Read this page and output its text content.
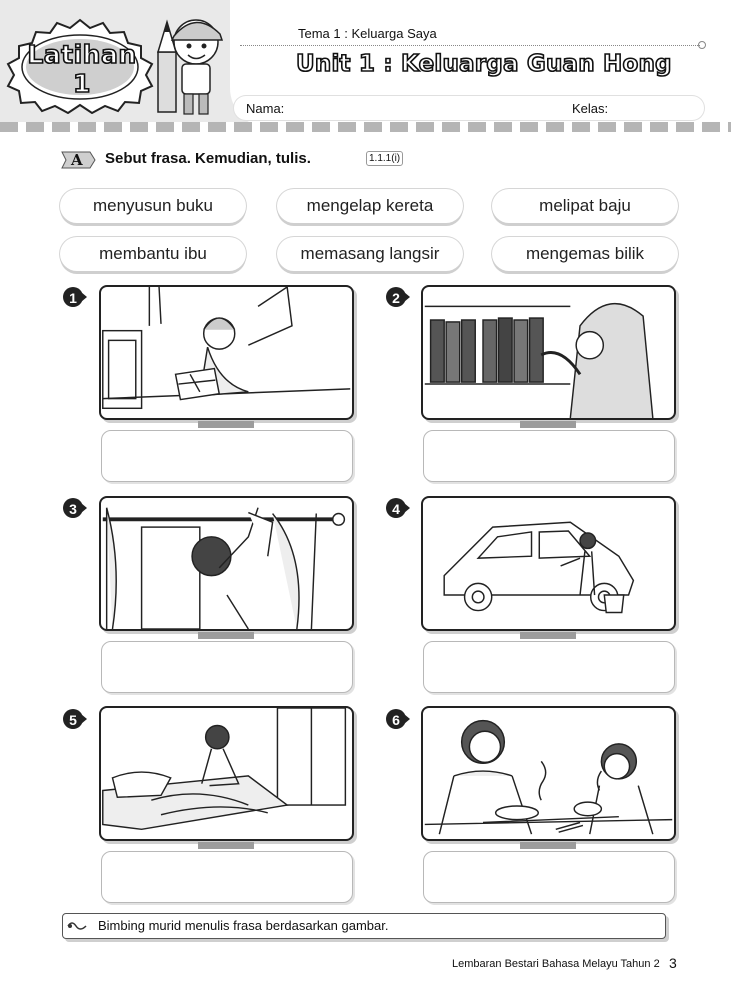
Latihan 1
Tema 1 : Keluarga Saya
Unit 1 : Keluarga Guan Hong
Nama:	Kelas:
A Sebut frasa. Kemudian, tulis.	1.1.1(i)
menyusun buku	mengelap kereta	melipat baju
membantu ibu	memasang langsir	mengemas bilik
1	2
3	4
5	6
Bimbing murid menulis frasa berdasarkan gambar.
Lembaran Bestari Bahasa Melayu Tahun 2 3
